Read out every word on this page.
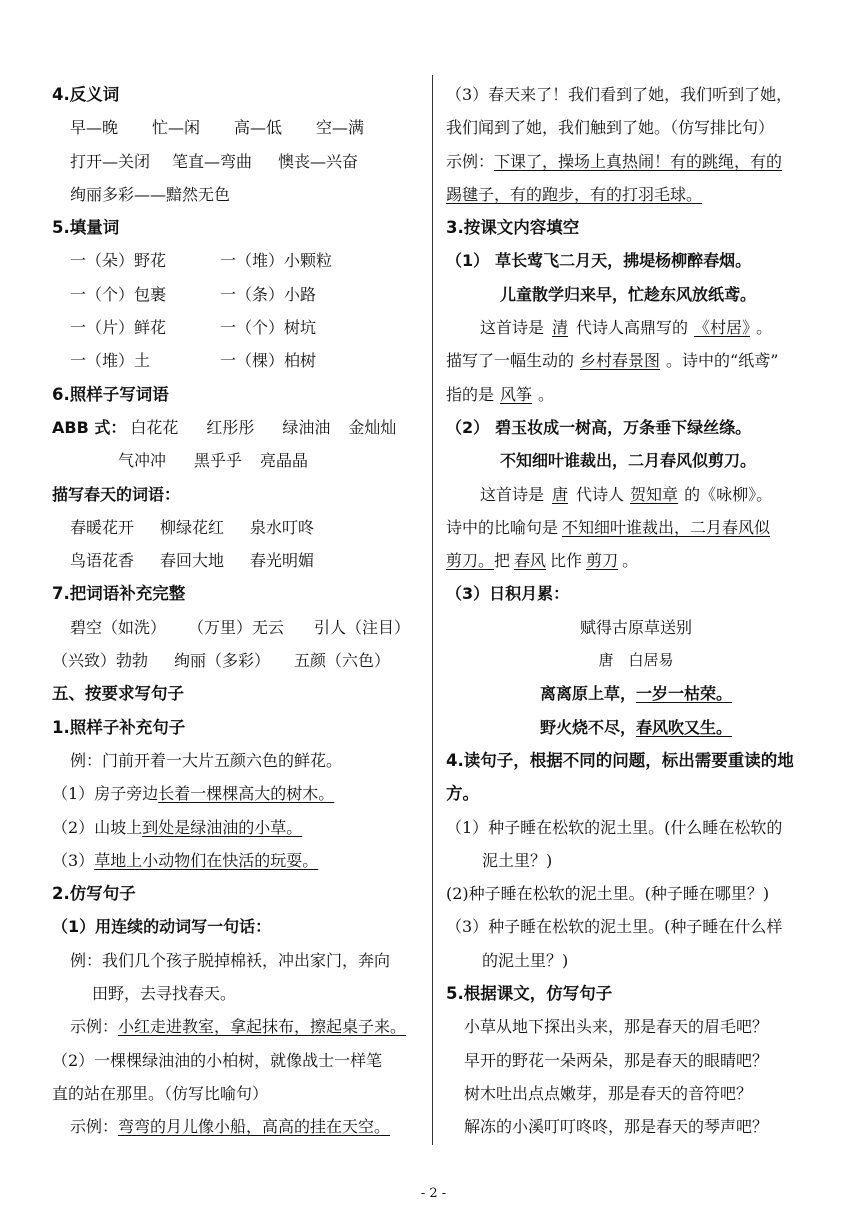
4.反义词
早—晚 忙—闲 高—低 空—满
打开—关闭 笔直—弯曲 懊丧—兴奋
绚丽多彩——黯然无色
5.填量词
一（朵）野花	一（堆）小颗粒
一（个）包裹	一（条）小路
一（片）鲜花	一（个）树坑
一（堆）土	一（棵）柏树
6.照样子写词语
ABB 式： 白花花 红彤彤 绿油油 金灿灿
气冲冲 黑乎乎 亮晶晶
描写春天的词语：
春暖花开 柳绿花红 泉水叮咚
鸟语花香 春回大地 春光明媚
7.把词语补充完整
碧空（如洗） （万里）无云 引人（注目）
（兴致）勃勃 绚丽（多彩） 五颜（六色）
五、按要求写句子
1.照样子补充句子
例：门前开着一大片五颜六色的鲜花。
（1）房子旁边长着一棵棵高大的树木。
（2）山坡上到处是绿油油的小草。
（3）草地上小动物们在快活的玩耍。
2.仿写句子
（1）用连续的动词写一句话：
例：我们几个孩子脱掉棉袄，冲出家门，奔向
田野，去寻找春天。
示例：小红走进教室，拿起抹布，擦起桌子来。
（2）一棵棵绿油油的小柏树，就像战士一样笔
直的站在那里。（仿写比喻句）
示例：弯弯的月儿像小船，高高的挂在天空。
（3）春天来了！我们看到了她，我们听到了她，
我们闻到了她，我们触到了她。（仿写排比句）
示例：下课了，操场上真热闹！有的跳绳，有的
踢毽子，有的跑步，有的打羽毛球。
3.按课文内容填空
（1） 草长莺飞二月天，拂堤杨柳醉春烟。
儿童散学归来早，忙趁东风放纸鸢。
这首诗是 清 代诗人高鼎写的 《村居》 。
描写了一幅生动的 乡村春景图 。诗中的“纸鸢”
指的是 风筝 。
（2） 碧玉妆成一树高，万条垂下绿丝绦。
不知细叶谁裁出，二月春风似剪刀。
这首诗是 唐 代诗人 贺知章 的《咏柳》。
诗中的比喻句是 不知细叶谁裁出，二月春风似
剪刀。把 春风 比作 剪刀 。
（3）日积月累：
赋得古原草送别
唐　白居易
离离原上草，一岁一枯荣。
野火烧不尽，春风吹又生。
4.读句子，根据不同的问题，标出需要重读的地
方。
（1）种子睡在松软的泥土里。(什么睡在松软的
泥土里？)
(2)种子睡在松软的泥土里。(种子睡在哪里？)
（3）种子睡在松软的泥土里。(种子睡在什么样
的泥土里？)
5.根据课文，仿写句子
小草从地下探出头来，那是春天的眉毛吧？
早开的野花一朵两朵，那是春天的眼睛吧？
树木吐出点点嫩芽，那是春天的音符吧？
解冻的小溪叮叮咚咚，那是春天的琴声吧？
- 2 -
